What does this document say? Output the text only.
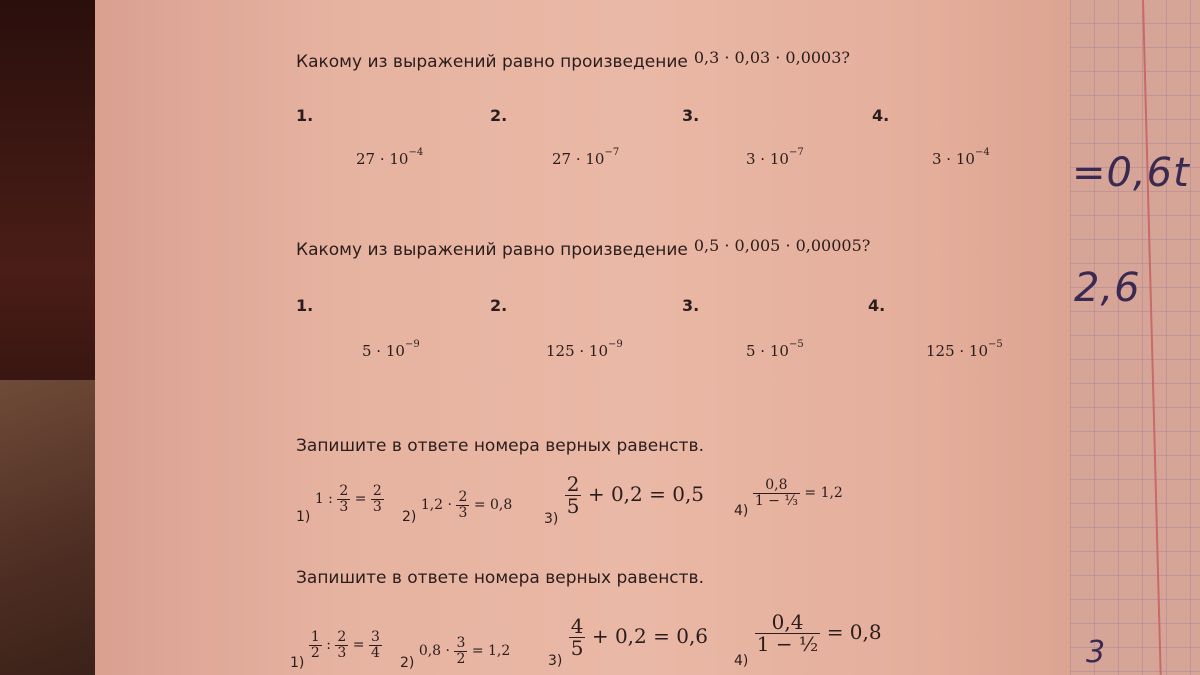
=0,6t
2,6
3
Какому из выражений равно произведение 0,3 · 0,03 · 0,0003?
1.	2.	3.	4.
$27 \cdot 10^{-4}$	$27 \cdot 10^{-7}$	$3 \cdot 10^{-7}$	$3 \cdot 10^{-4}$
Какому из выражений равно произведение 0,5 · 0,005 · 0,00005?
1.	2.	3.	4.
$5 \cdot 10^{-9}$	$125 \cdot 10^{-9}$	$5 \cdot 10^{-5}$	$125 \cdot 10^{-5}$
Запишите в ответе номера верных равенств.
1) 1 : $\frac{2}{3} = \frac{2}{3}$
2) $1,2 \cdot \frac{2}{3} = 0,8$
$_{3)}$
$\frac{2}{5} + 0,2 = 0,5$
4)
$\frac{0,8}{\text{1 − ⅓}} = 1,2$
Запишите в ответе номера верных равенств.
1)
$\frac{1}{2}$ : $\frac{2}{3} = \frac{3}{4}$
2) $0,8 \cdot \frac{3}{2} = 1,2$
$_{3)}$
$\frac{4}{5} + 0,2 = 0,6$
$_{4)}$
$\frac{0,4}{\text{1 − ½}} = 0,8$
